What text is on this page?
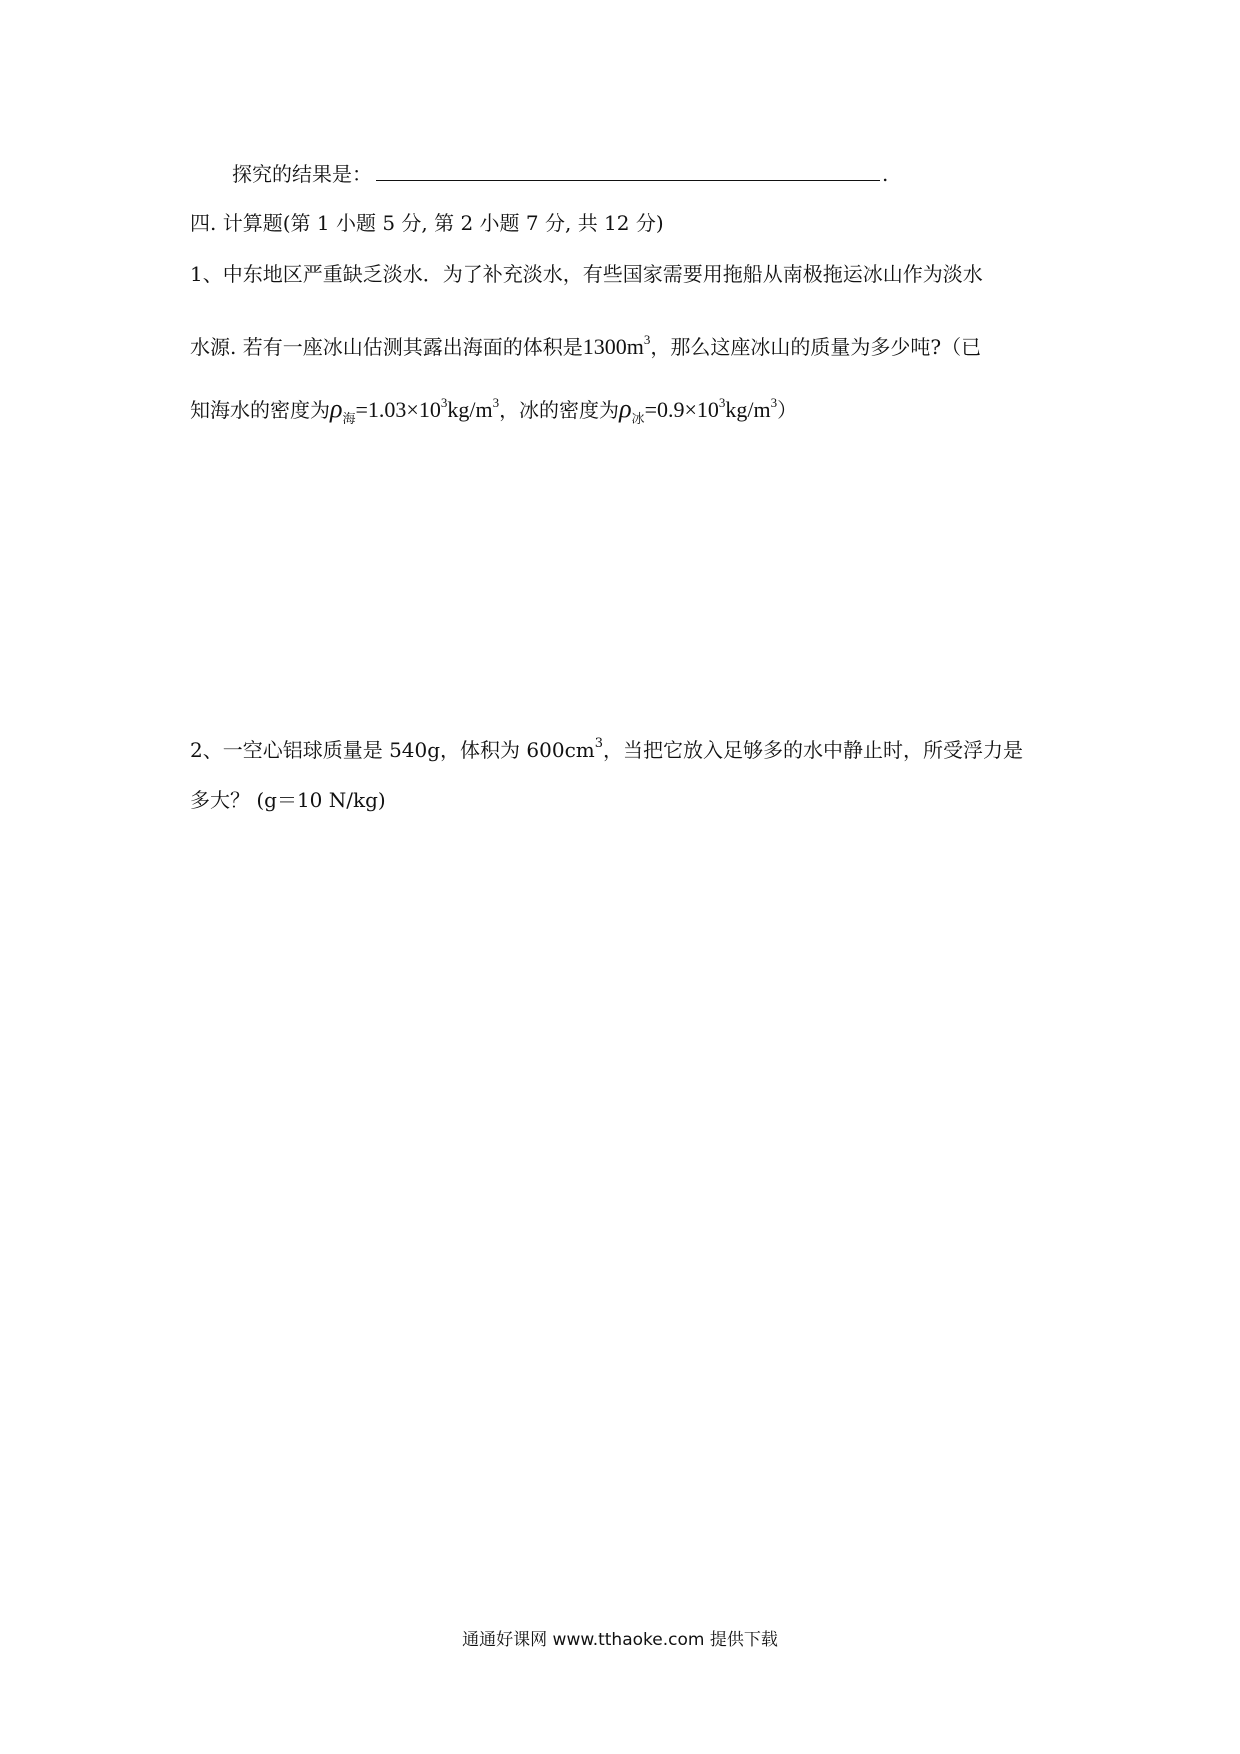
探究的结果是：	.
四. 计算题(第 1 小题 5 分, 第 2 小题 7 分, 共 12 分)
1、中东地区严重缺乏淡水．为了补充淡水，有些国家需要用拖船从南极拖运冰山作为淡水
水源. 若有一座冰山估测其露出海面的体积是$1300m^3$，那么这座冰山的质量为多少吨?（已
知海水的密度为$\rho_海=1.03\times 10^3kg/m^3$，冰的密度为$\rho_冰=0.9\times 10^3kg/m^3$）
2、一空心铝球质量是 540g，体积为 $600cm^3$，当把它放入足够多的水中静止时，所受浮力是
多大？ (g＝10 N/kg)
通通好课网 www.tthaoke.com 提供下载
